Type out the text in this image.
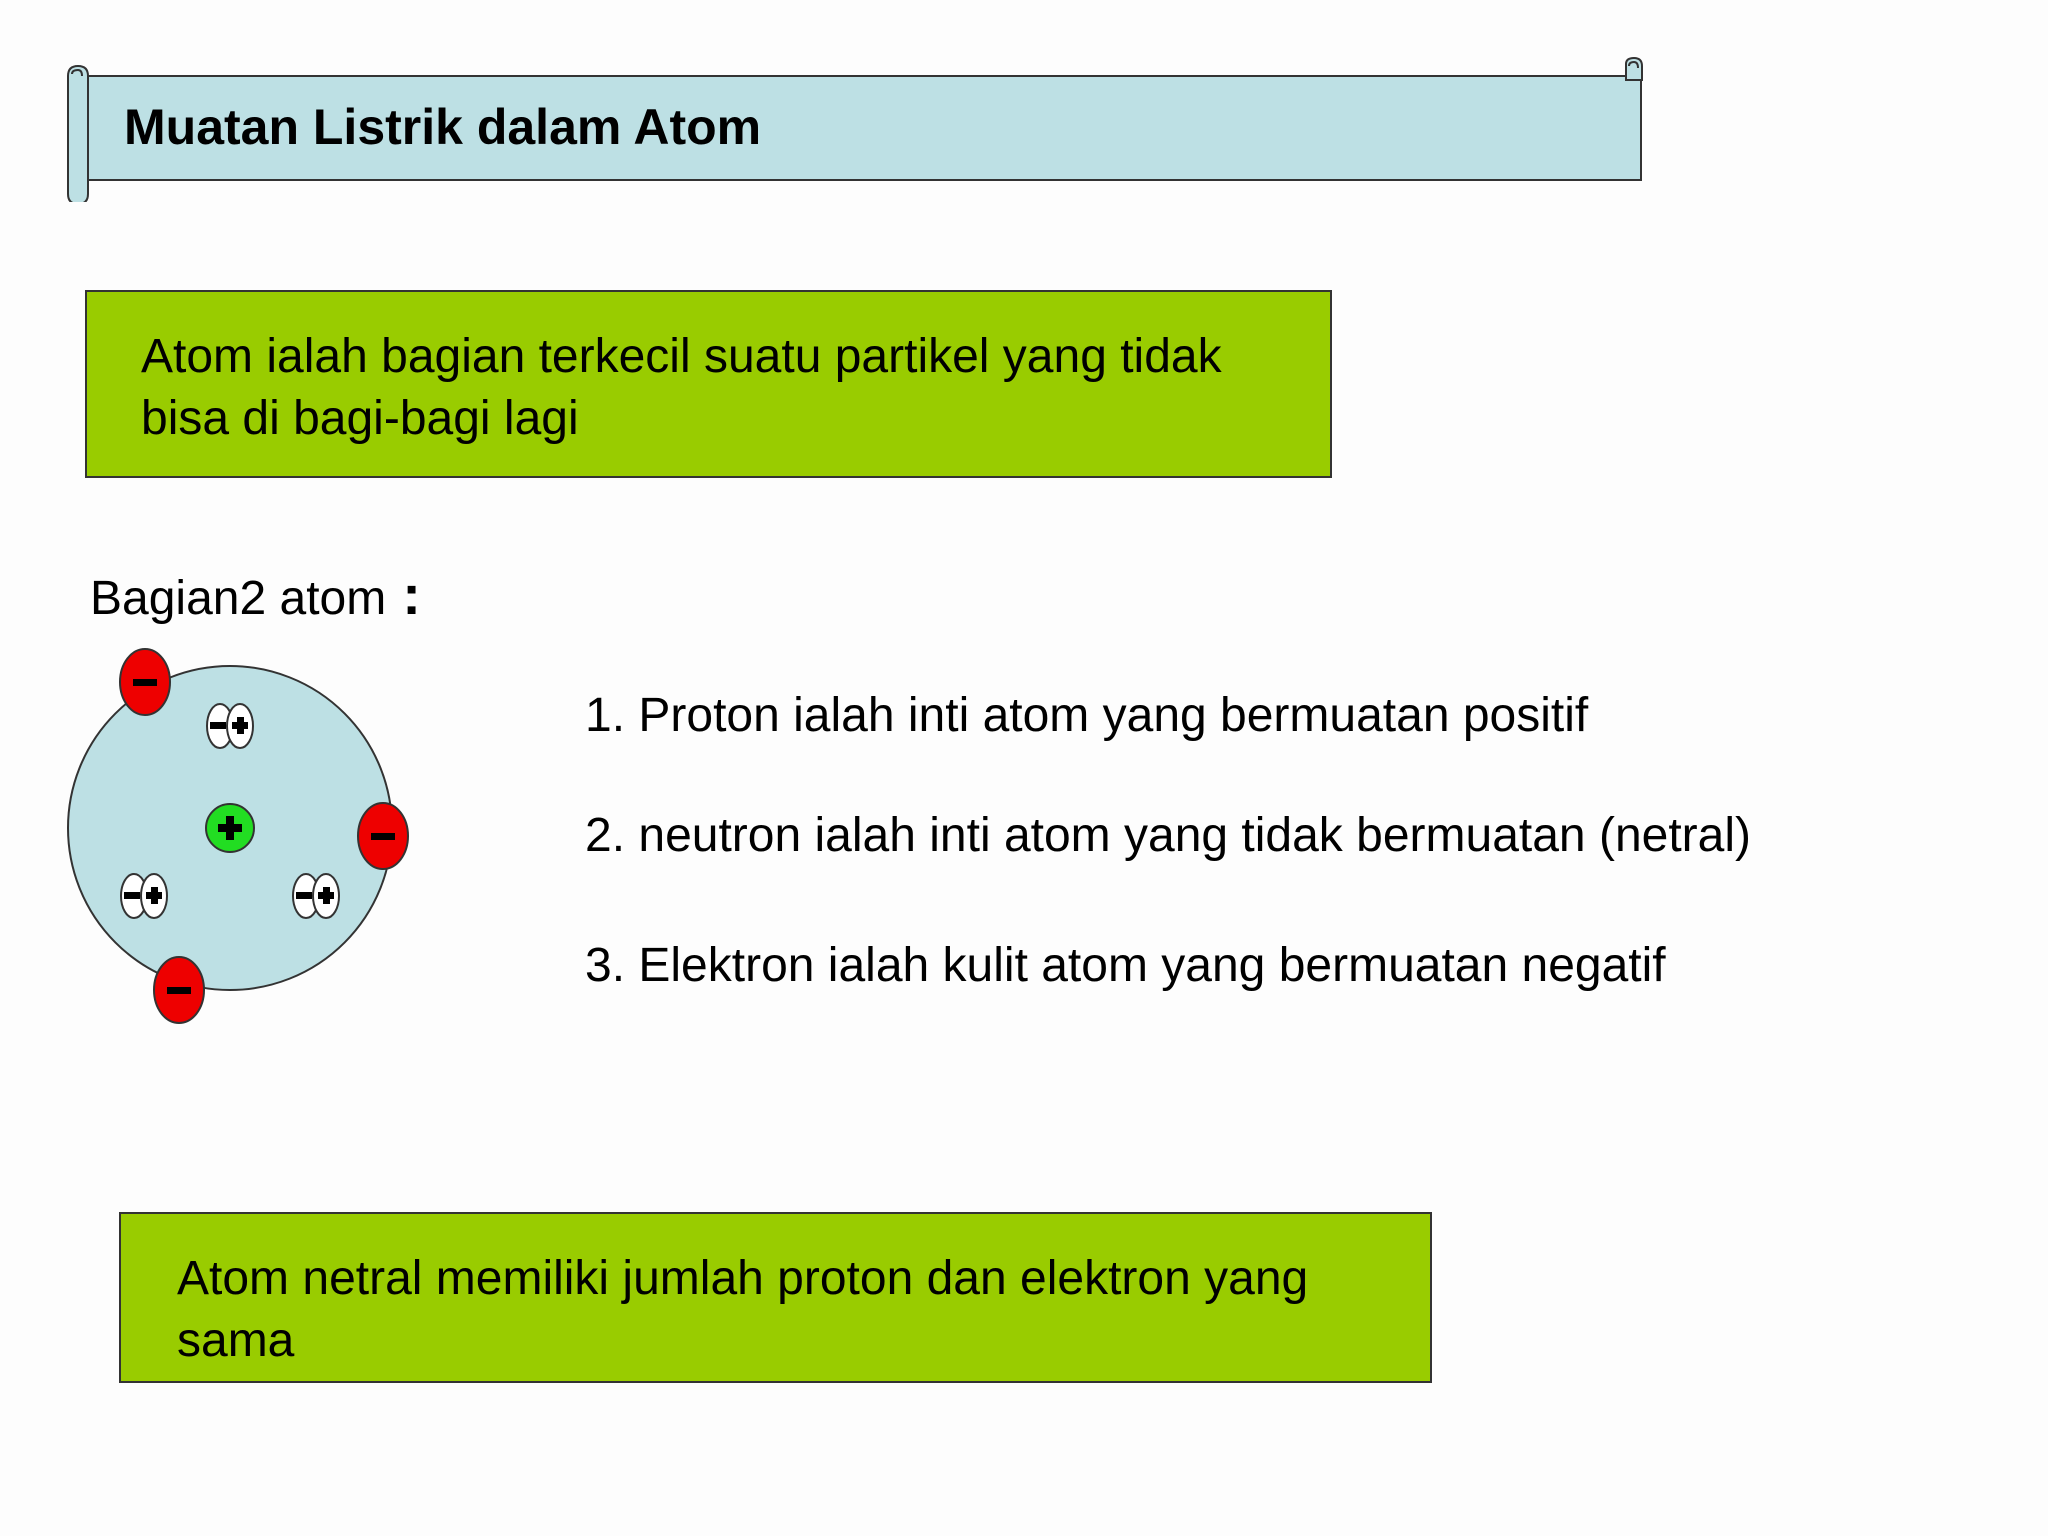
Muatan Listrik dalam Atom
Atom ialah bagian terkecil suatu partikel yang tidak
bisa di bagi-bagi lagi
Bagian2 atom :
1. Proton ialah inti atom yang bermuatan positif
2. neutron ialah inti atom yang tidak bermuatan (netral)
3. Elektron ialah kulit atom yang bermuatan negatif
Atom netral memiliki jumlah proton dan elektron yang
sama
